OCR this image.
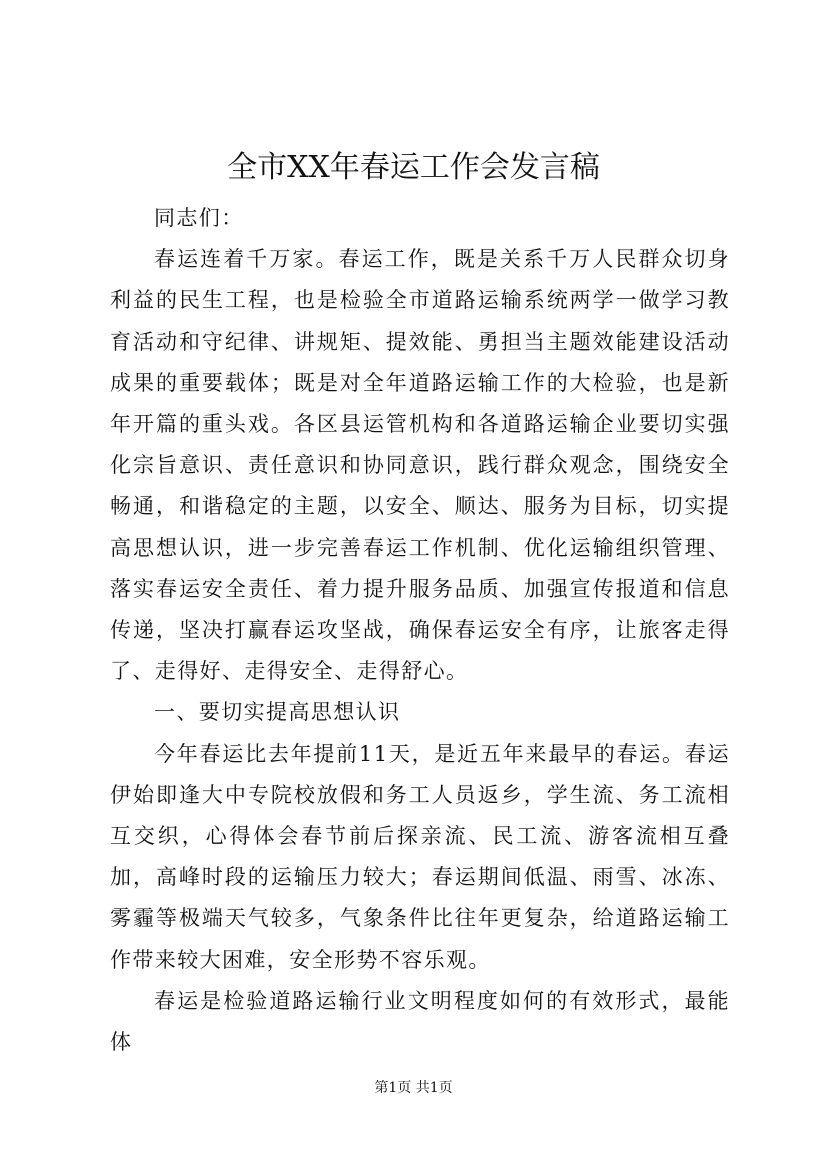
全市XX年春运工作会发言稿

同志们：

春运连着千万家。春运工作，既是关系千万人民群众切身利益的民生工程，也是检验全市道路运输系统两学一做学习教育活动和守纪律、讲规矩、提效能、勇担当主题效能建设活动成果的重要载体；既是对全年道路运输工作的大检验，也是新年开篇的重头戏。各区县运管机构和各道路运输企业要切实强化宗旨意识、责任意识和协同意识，践行群众观念，围绕安全畅通，和谐稳定的主题，以安全、顺达、服务为目标，切实提高思想认识，进一步完善春运工作机制、优化运输组织管理、落实春运安全责任、着力提升服务品质、加强宣传报道和信息传递，坚决打赢春运攻坚战，确保春运安全有序，让旅客走得了、走得好、走得安全、走得舒心。

一、要切实提高思想认识

今年春运比去年提前11天，是近五年来最早的春运。春运伊始即逢大中专院校放假和务工人员返乡，学生流、务工流相互交织，心得体会春节前后探亲流、民工流、游客流相互叠加，高峰时段的运输压力较大；春运期间低温、雨雪、冰冻、雾霾等极端天气较多，气象条件比往年更复杂，给道路运输工作带来较大困难，安全形势不容乐观。

春运是检验道路运输行业文明程度如何的有效形式，最能体

第1页 共1页
